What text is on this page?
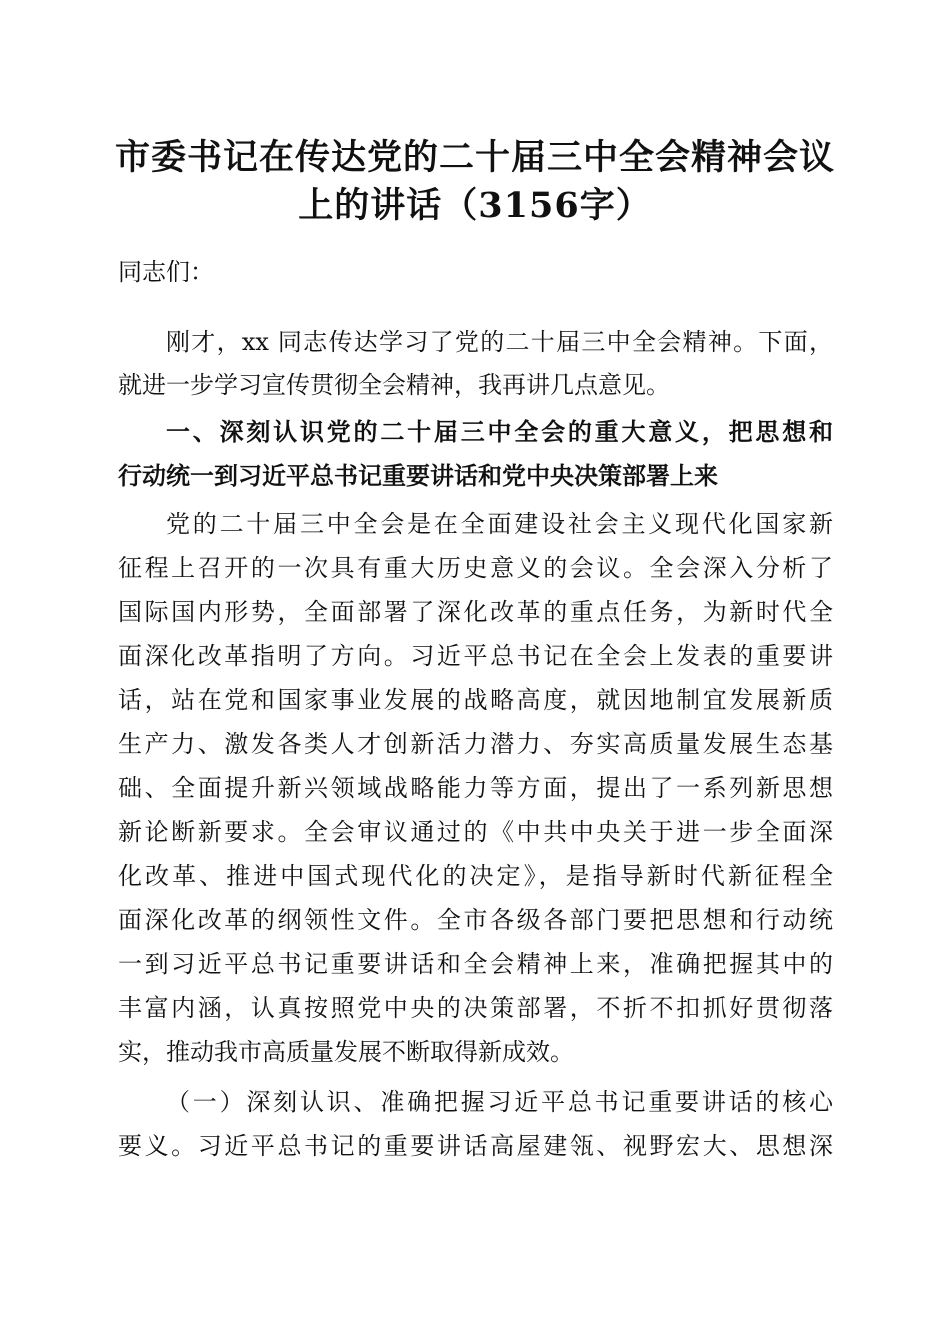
市委书记在传达党的二十届三中全会精神会议
上的讲话（3156字）

同志们：

刚才，xx 同志传达学习了党的二十届三中全会精神。下面，

就进一步学习宣传贯彻全会精神，我再讲几点意见。

一、深刻认识党的二十届三中全会的重大意义，把思想和

行动统一到习近平总书记重要讲话和党中央决策部署上来

党的二十届三中全会是在全面建设社会主义现代化国家新

征程上召开的一次具有重大历史意义的会议。全会深入分析了

国际国内形势，全面部署了深化改革的重点任务，为新时代全

面深化改革指明了方向。习近平总书记在全会上发表的重要讲

话，站在党和国家事业发展的战略高度，就因地制宜发展新质

生产力、激发各类人才创新活力潜力、夯实高质量发展生态基

础、全面提升新兴领域战略能力等方面，提出了一系列新思想

新论断新要求。全会审议通过的《中共中央关于进一步全面深

化改革、推进中国式现代化的决定》，是指导新时代新征程全

面深化改革的纲领性文件。全市各级各部门要把思想和行动统

一到习近平总书记重要讲话和全会精神上来，准确把握其中的

丰富内涵，认真按照党中央的决策部署，不折不扣抓好贯彻落

实，推动我市高质量发展不断取得新成效。

（一）深刻认识、准确把握习近平总书记重要讲话的核心

要义。习近平总书记的重要讲话高屋建瓴、视野宏大、思想深
